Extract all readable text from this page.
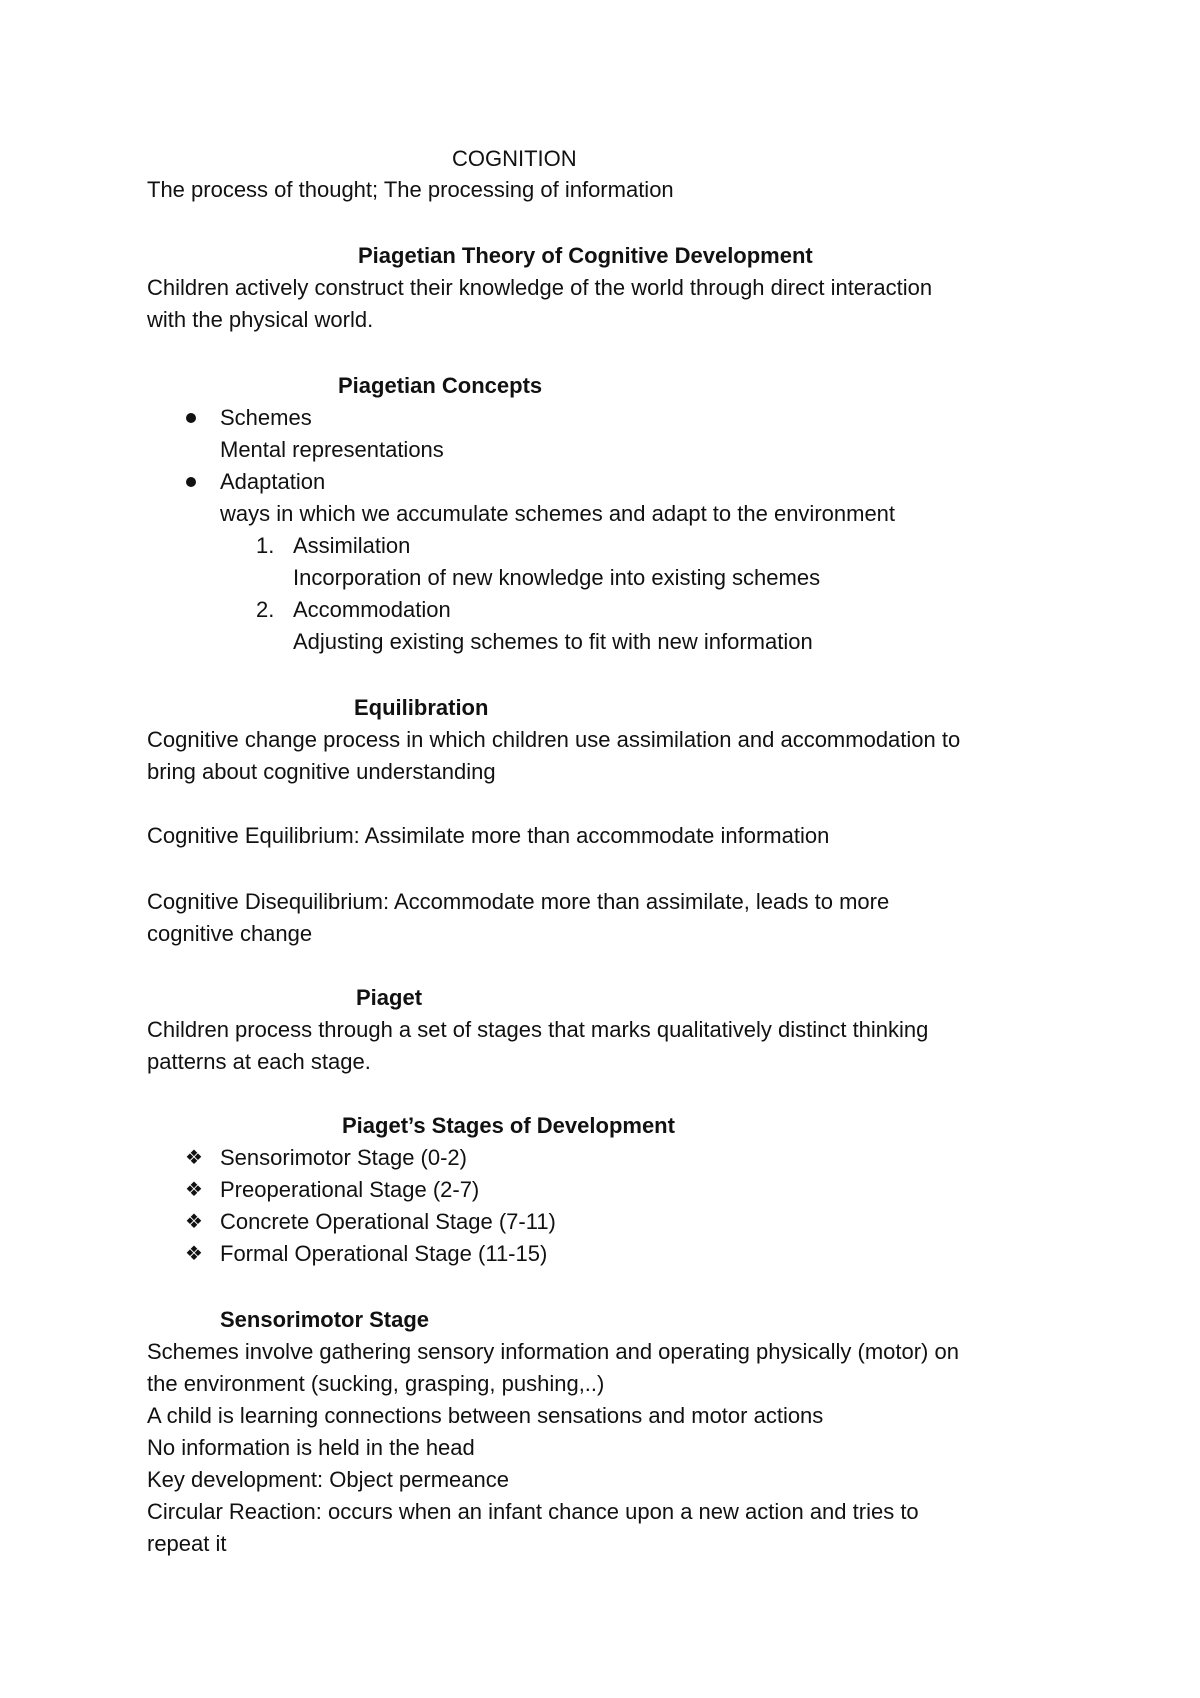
COGNITION
The process of thought; The processing of information
Piagetian Theory of Cognitive Development
Children actively construct their knowledge of the world through direct interaction
with the physical world.
Piagetian Concepts
Schemes
Mental representations
Adaptation
ways in which we accumulate schemes and adapt to the environment
1. Assimilation
Incorporation of new knowledge into existing schemes
2. Accommodation
Adjusting existing schemes to fit with new information
Equilibration
Cognitive change process in which children use assimilation and accommodation to
bring about cognitive understanding
Cognitive Equilibrium: Assimilate more than accommodate information
Cognitive Disequilibrium: Accommodate more than assimilate, leads to more
cognitive change
Piaget
Children process through a set of stages that marks qualitatively distinct thinking
patterns at each stage.
Piaget’s Stages of Development
❖ Sensorimotor Stage (0-2)
❖ Preoperational Stage (2-7)
❖ Concrete Operational Stage (7-11)
❖ Formal Operational Stage (11-15)
Sensorimotor Stage
Schemes involve gathering sensory information and operating physically (motor) on
the environment (sucking, grasping, pushing,..)
A child is learning connections between sensations and motor actions
No information is held in the head
Key development: Object permeance
Circular Reaction: occurs when an infant chance upon a new action and tries to
repeat it
